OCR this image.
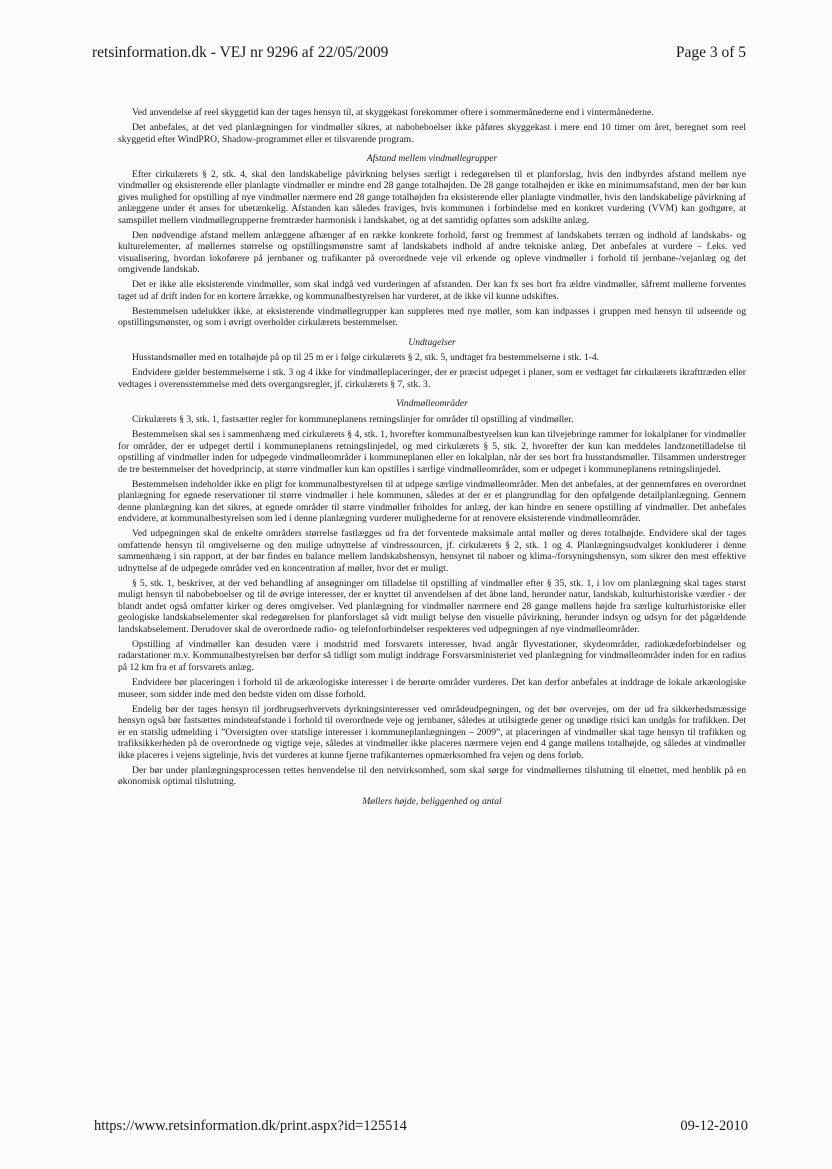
retsinformation.dk - VEJ nr 9296 af 22/05/2009	Page 3 of 5

Ved anvendelse af reel skyggetid kan der tages hensyn til, at skyggekast forekommer oftere i sommermånederne end i vintermånederne.

Det anbefales, at det ved planlægningen for vindmøller sikres, at nabobeboelser ikke påføres skyggekast i mere end 10 timer om året, beregnet som reel skyggetid efter WindPRO, Shadow-programmet eller et tilsvarende program.

Afstand mellem vindmøllegrupper

Efter cirkulærets § 2, stk. 4, skal den landskabelige påvirkning belyses særligt i redegørelsen til et planforslag, hvis den indbyrdes afstand mellem nye vindmøller og eksisterende eller planlagte vindmøller er mindre end 28 gange totalhøjden. De 28 gange totalhøjden er ikke en minimumsafstand, men der bør kun gives mulighed for opstilling af nye vindmøller nærmere end 28 gange totalhøjden fra eksisterende eller planlagte vindmøller, hvis den landskabelige påvirkning af anlæggene under ét anses for ubetænkelig. Afstanden kan således fraviges, hvis kommunen i forbindelse med en konkret vurdering (VVM) kan godtgøre, at samspillet mellem vindmøllegrupperne fremtræder harmonisk i landskabet, og at det samtidig opfattes som adskilte anlæg.

Den nødvendige afstand mellem anlæggene afhænger af en række konkrete forhold, først og fremmest af landskabets terræn og indhold af landskabs- og kulturelementer, af møllernes størrelse og opstillingsmønstre samt af landskabets indhold af andre tekniske anlæg. Det anbefales at vurdere – f.eks. ved visualisering, hvordan lokoførere på jernbaner og trafikanter på overordnede veje vil erkende og opleve vindmøller i forhold til jernbane-/vejanlæg og det omgivende landskab.

Det er ikke alle eksisterende vindmøller, som skal indgå ved vurderingen af afstanden. Der kan fx ses bort fra ældre vindmøller, såfremt møllerne forventes taget ud af drift inden for en kortere årrække, og kommunalbestyrelsen har vurderet, at de ikke vil kunne udskiftes.

Bestemmelsen udelukker ikke, at eksisterende vindmøllegrupper kan suppleres med nye møller, som kan indpasses i gruppen med hensyn til udseende og opstillingsmønster, og som i øvrigt overholder cirkulærets bestemmelser.

Undtagelser

Husstandsmøller med en totalhøjde på op til 25 m er i følge cirkulærets § 2, stk. 5, undtaget fra bestemmelserne i stk. 1-4.

Endvidere gælder bestemmelserne i stk. 3 og 4 ikke for vindmølleplaceringer, der er præcist udpeget i planer, som er vedtaget før cirkulærets ikrafttræden eller vedtages i overensstemmelse med dets overgangsregler, jf. cirkulærets § 7, stk. 3.

Vindmølleområder

Cirkulærets § 3, stk. 1, fastsætter regler for kommuneplanens retningslinjer for områder til opstilling af vindmøller.

Bestemmelsen skal ses i sammenhæng med cirkulærets § 4, stk. 1, hvorefter kommunalbestyrelsen kun kan tilvejebringe rammer for lokalplaner for vindmøller for områder, der er udpeget dertil i kommuneplanens retningslinjedel, og med cirkulærets § 5, stk. 2, hvorefter der kun kan meddeles landzonetilladelse til opstilling af vindmøller inden for udpegede vindmølleområder i kommuneplanen eller en lokalplan, når der ses bort fra husstandsmøller. Tilsammen understreger de tre bestemmelser det hovedprincip, at større vindmøller kun kan opstilles i særlige vindmølleområder, som er udpeget i kommuneplanens retningslinjedel.

Bestemmelsen indeholder ikke en pligt for kommunalbestyrelsen til at udpege særlige vindmølleområder. Men det anbefales, at der gennemføres en overordnet planlægning for egnede reservationer til større vindmøller i hele kommunen, således at der er et plangrundlag for den opfølgende detailplanlægning. Gennem denne planlægning kan det sikres, at egnede områder til større vindmøller friholdes for anlæg, der kan hindre en senere opstilling af vindmøller. Det anbefales endvidere, at kommunalbestyrelsen som led i denne planlægning vurderer mulighederne for at renovere eksisterende vindmølleområder.

Ved udpegningen skal de enkelte områders størrelse fastlægges ud fra det forventede maksimale antal møller og deres totalhøjde. Endvidere skal der tages omfattende hensyn til omgivelserne og den mulige udnyttelse af vindressourcen, jf. cirkulærets § 2, stk. 1 og 4. Planlægningsudvalget konkluderer i denne sammenhæng i sin rapport, at der bør findes en balance mellem landskabshensyn, hensynet til naboer og klima-/forsyningshensyn, som sikrer den mest effektive udnyttelse af de udpegede områder ved en koncentration af møller, hvor det er muligt.

§ 5, stk. 1, beskriver, at der ved behandling af ansøgninger om tilladelse til opstilling af vindmøller efter § 35, stk. 1, i lov om planlægning skal tages størst muligt hensyn til nabobeboelser og til de øvrige interesser, der er knyttet til anvendelsen af det åbne land, herunder natur, landskab, kulturhistoriske værdier - der blandt andet også omfatter kirker og deres omgivelser. Ved planlægning for vindmøller nærmere end 28 gange møllens højde fra særlige kulturhistoriske eller geologiske landskabselementer skal redegørelsen for planforslaget så vidt muligt belyse den visuelle påvirkning, herunder indsyn og udsyn for det pågældende landskabselement. Derudover skal de overordnede radio- og telefonforbindelser respekteres ved udpegningen af nye vindmølleområder.

Opstilling af vindmøller kan desuden være i modstrid med forsvarets interesser, hvad angår flyvestationer, skydeområder, radiokædeforbindelser og radarstationer m.v. Kommunalbestyrelsen bør derfor så tidligt som muligt inddrage Forsvarsministeriet ved planlægning for vindmølleområder inden for en radius på 12 km fra et af forsvarets anlæg.

Endvidere bør placeringen i forhold til de arkæologiske interesser i de berørte områder vurderes. Det kan derfor anbefales at inddrage de lokale arkæologiske museer, som sidder inde med den bedste viden om disse forhold.

Endelig bør der tages hensyn til jordbrugserhvervets dyrkningsinteresser ved områdeudpegningen, og det bør overvejes, om der ud fra sikkerhedsmæssige hensyn også bør fastsættes mindsteafstande i forhold til overordnede veje og jernbaner, således at utilsigtede gener og unødige risici kan undgås for trafikken. Det er en statslig udmelding i ”Oversigten over statslige interesser i kommuneplanlægningen – 2009”, at placeringen af vindmøller skal tage hensyn til trafikken og trafiksikkerheden på de overordnede og vigtige veje, således at vindmøller ikke placeres nærmere vejen end 4 gange møllens totalhøjde, og således at vindmøller ikke placeres i vejens sigtelinje, hvis det vurderes at kunne fjerne trafikanternes opmærksomhed fra vejen og dens forløb.

Der bør under planlægningsprocessen rettes henvendelse til den netvirksomhed, som skal sørge for vindmøllernes tilslutning til elnettet, med henblik på en økonomisk optimal tilslutning.

Møllers højde, beliggenhed og antal

https://www.retsinformation.dk/print.aspx?id=125514	09-12-2010
